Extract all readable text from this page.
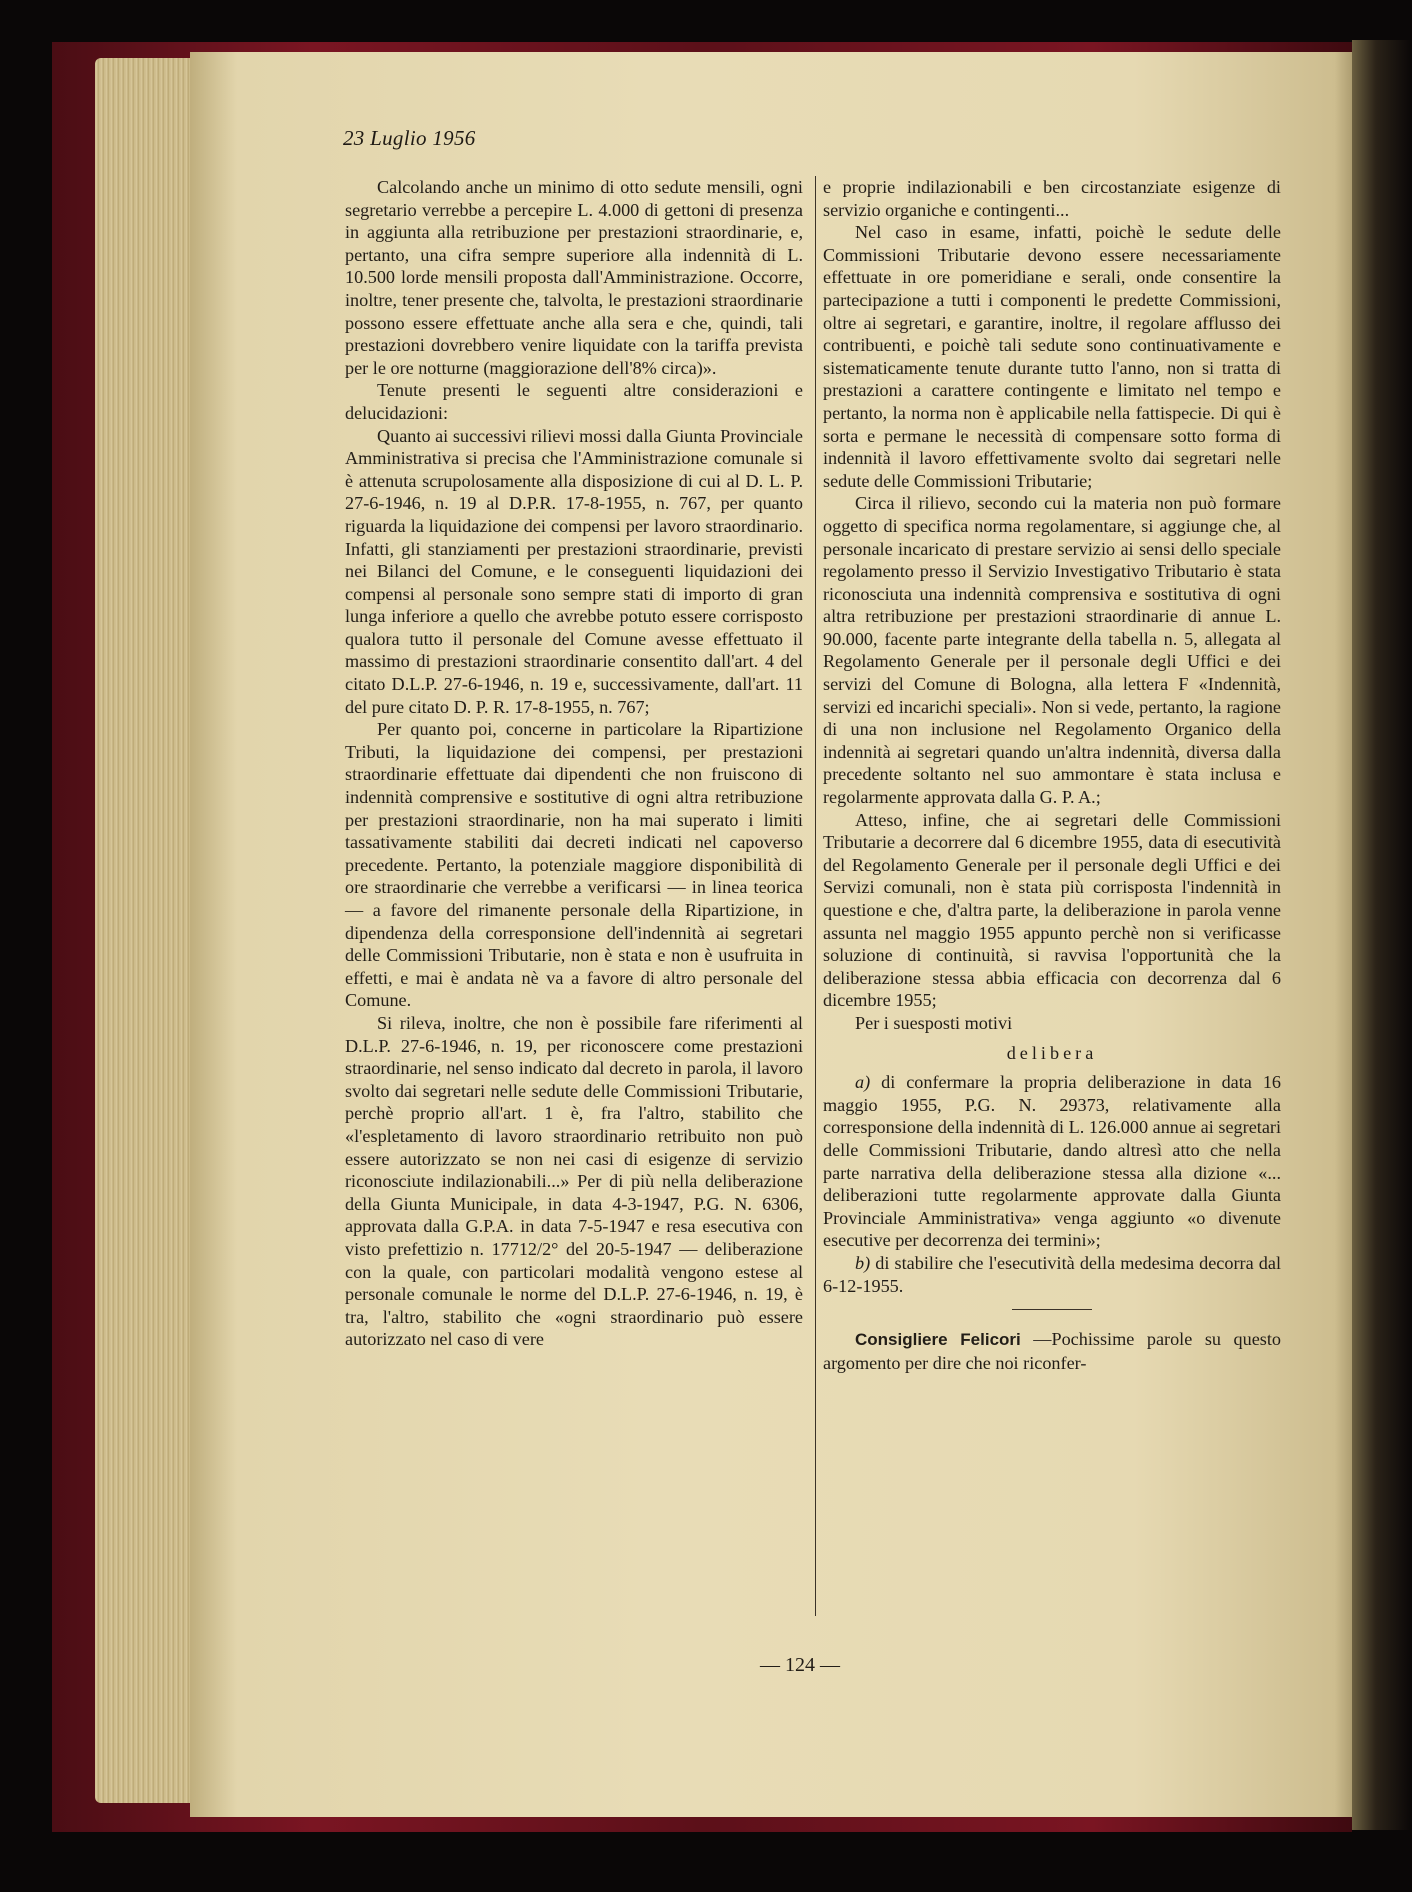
23 Luglio 1956

Calcolando anche un minimo di otto sedute mensili, ogni segretario verrebbe a percepire L. 4.000 di gettoni di presenza in aggiunta alla retribuzione per prestazioni straordinarie, e, pertanto, una cifra sempre superiore alla indennità di L. 10.500 lorde mensili proposta dall'Amministrazione. Occorre, inoltre, tener presente che, talvolta, le prestazioni straordinarie possono essere effettuate anche alla sera e che, quindi, tali prestazioni dovrebbero venire liquidate con la tariffa prevista per le ore notturne (maggiorazione dell'8% circa)».

Tenute presenti le seguenti altre considerazioni e delucidazioni:

Quanto ai successivi rilievi mossi dalla Giunta Provinciale Amministrativa si precisa che l'Amministrazione comunale si è attenuta scrupolosamente alla disposizione di cui al D. L. P. 27-6-1946, n. 19 al D.P.R. 17-8-1955, n. 767, per quanto riguarda la liquidazione dei compensi per lavoro straordinario. Infatti, gli stanziamenti per prestazioni straordinarie, previsti nei Bilanci del Comune, e le conseguenti liquidazioni dei compensi al personale sono sempre stati di importo di gran lunga inferiore a quello che avrebbe potuto essere corrisposto qualora tutto il personale del Comune avesse effettuato il massimo di prestazioni straordinarie consentito dall'art. 4 del citato D.L.P. 27-6-1946, n. 19 e, successivamente, dall'art. 11 del pure citato D. P. R. 17-8-1955, n. 767;

Per quanto poi, concerne in particolare la Ripartizione Tributi, la liquidazione dei compensi, per prestazioni straordinarie effettuate dai dipendenti che non fruiscono di indennità comprensive e sostitutive di ogni altra retribuzione per prestazioni straordinarie, non ha mai superato i limiti tassativamente stabiliti dai decreti indicati nel capoverso precedente. Pertanto, la potenziale maggiore disponibilità di ore straordinarie che verrebbe a verificarsi — in linea teorica — a favore del rimanente personale della Ripartizione, in dipendenza della corresponsione dell'indennità ai segretari delle Commissioni Tributarie, non è stata e non è usufruita in effetti, e mai è andata nè va a favore di altro personale del Comune.

Si rileva, inoltre, che non è possibile fare riferimenti al D.L.P. 27-6-1946, n. 19, per riconoscere come prestazioni straordinarie, nel senso indicato dal decreto in parola, il lavoro svolto dai segretari nelle sedute delle Commissioni Tributarie, perchè proprio all'art. 1 è, fra l'altro, stabilito che «l'espletamento di lavoro straordinario retribuito non può essere autorizzato se non nei casi di esigenze di servizio riconosciute indilazionabili...» Per di più nella deliberazione della Giunta Municipale, in data 4-3-1947, P.G. N. 6306, approvata dalla G.P.A. in data 7-5-1947 e resa esecutiva con visto prefettizio n. 17712/2° del 20-5-1947 — deliberazione con la quale, con particolari modalità vengono estese al personale comunale le norme del D.L.P. 27-6-1946, n. 19, è tra, l'altro, stabilito che «ogni straordinario può essere autorizzato nel caso di vere

e proprie indilazionabili e ben circostanziate esigenze di servizio organiche e contingenti...

Nel caso in esame, infatti, poichè le sedute delle Commissioni Tributarie devono essere necessariamente effettuate in ore pomeridiane e serali, onde consentire la partecipazione a tutti i componenti le predette Commissioni, oltre ai segretari, e garantire, inoltre, il regolare afflusso dei contribuenti, e poichè tali sedute sono continuativamente e sistematicamente tenute durante tutto l'anno, non si tratta di prestazioni a carattere contingente e limitato nel tempo e pertanto, la norma non è applicabile nella fattispecie. Di qui è sorta e permane le necessità di compensare sotto forma di indennità il lavoro effettivamente svolto dai segretari nelle sedute delle Commissioni Tributarie;

Circa il rilievo, secondo cui la materia non può formare oggetto di specifica norma regolamentare, si aggiunge che, al personale incaricato di prestare servizio ai sensi dello speciale regolamento presso il Servizio Investigativo Tributario è stata riconosciuta una indennità comprensiva e sostitutiva di ogni altra retribuzione per prestazioni straordinarie di annue L. 90.000, facente parte integrante della tabella n. 5, allegata al Regolamento Generale per il personale degli Uffici e dei servizi del Comune di Bologna, alla lettera F «Indennità, servizi ed incarichi speciali». Non si vede, pertanto, la ragione di una non inclusione nel Regolamento Organico della indennità ai segretari quando un'altra indennità, diversa dalla precedente soltanto nel suo ammontare è stata inclusa e regolarmente approvata dalla G. P. A.;

Atteso, infine, che ai segretari delle Commissioni Tributarie a decorrere dal 6 dicembre 1955, data di esecutività del Regolamento Generale per il personale degli Uffici e dei Servizi comunali, non è stata più corrisposta l'indennità in questione e che, d'altra parte, la deliberazione in parola venne assunta nel maggio 1955 appunto perchè non si verificasse soluzione di continuità, si ravvisa l'opportunità che la deliberazione stessa abbia efficacia con decorrenza dal 6 dicembre 1955;

Per i suesposti motivi

delibera

a) di confermare la propria deliberazione in data 16 maggio 1955, P.G. N. 29373, relativamente alla corresponsione della indennità di L. 126.000 annue ai segretari delle Commissioni Tributarie, dando altresì atto che nella parte narrativa della deliberazione stessa alla dizione «... deliberazioni tutte regolarmente approvate dalla Giunta Provinciale Amministrativa» venga aggiunto «o divenute esecutive per decorrenza dei termini»;

b) di stabilire che l'esecutività della medesima decorra dal 6-12-1955.

Consigliere Felicori —Pochissime parole su questo argomento per dire che noi riconfer-

— 124 —
